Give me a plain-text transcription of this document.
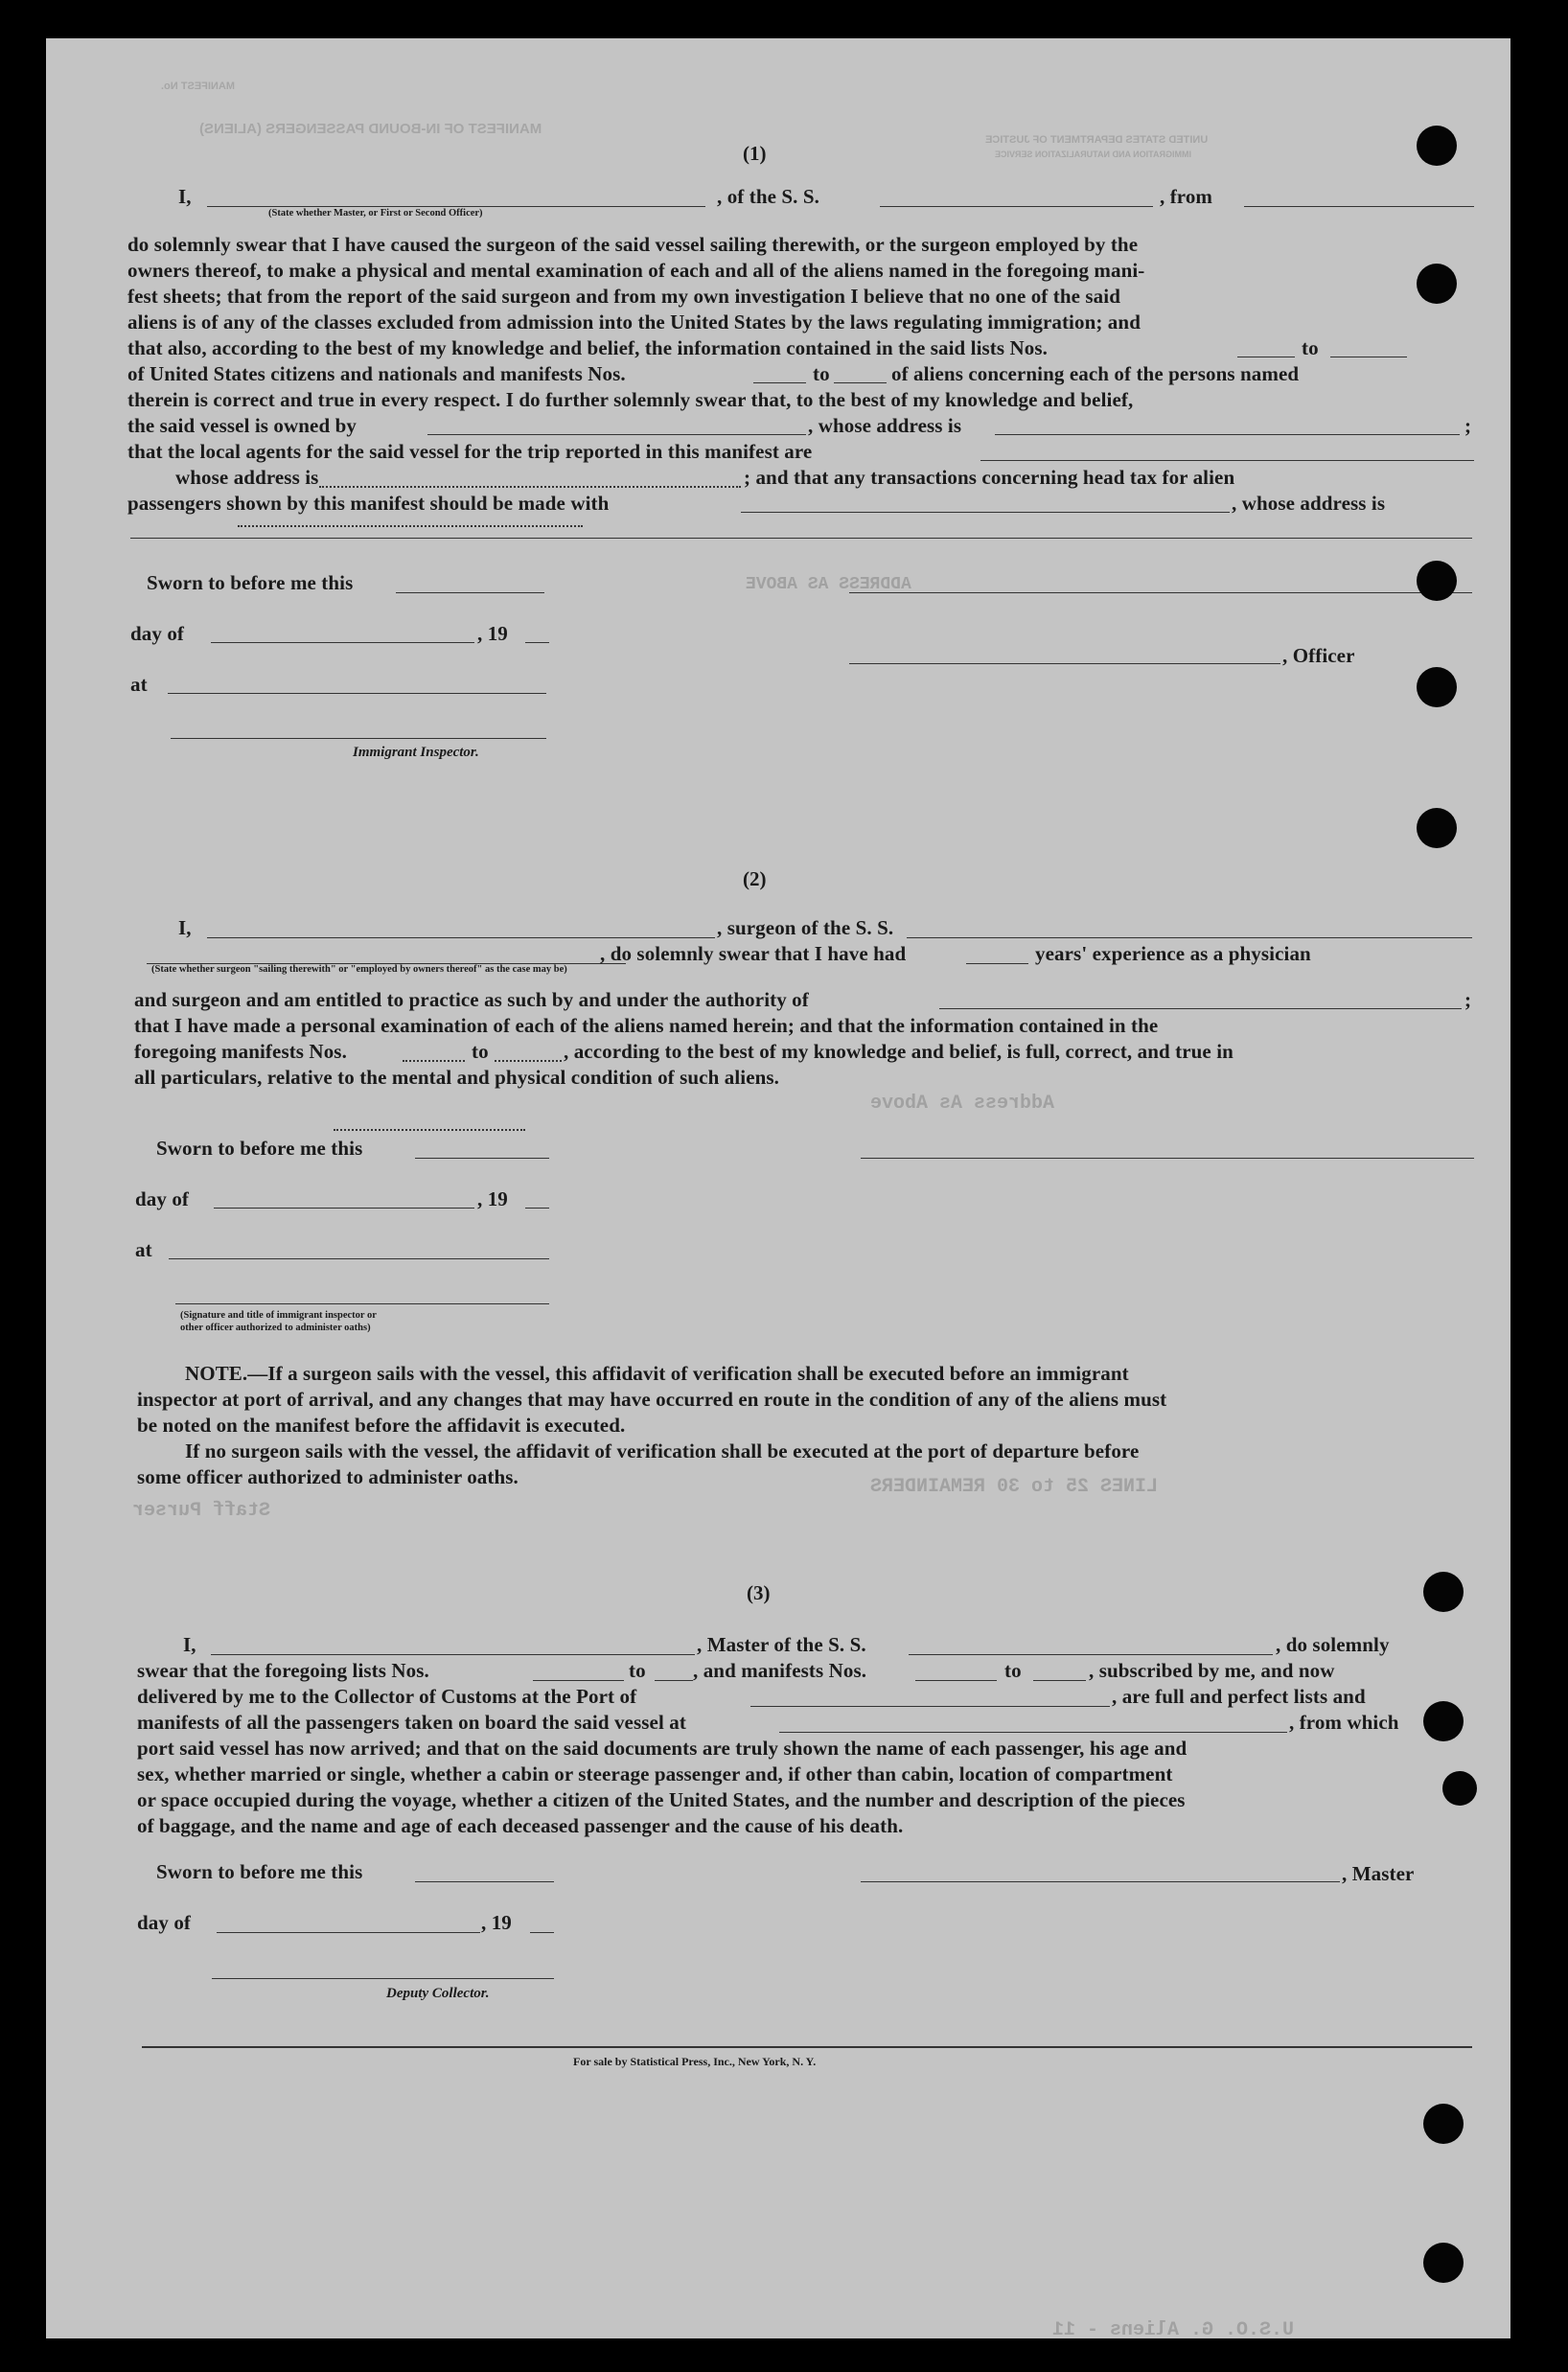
MANIFEST No.
MANIFEST OF IN-BOUND PASSENGERS (ALIENS)
UNITED STATES DEPARTMENT OF JUSTICE
IMMIGRATION AND NATURALIZATION SERVICE
(1)
I,	, of the S. S.	, from
(State whether Master, or First or Second Officer)
do solemnly swear that I have caused the surgeon of the said vessel sailing therewith, or the surgeon employed by the
owners thereof, to make a physical and mental examination of each and all of the aliens named in the foregoing mani-
fest sheets; that from the report of the said surgeon and from my own investigation I believe that no one of the said
aliens is of any of the classes excluded from admission into the United States by the laws regulating immigration; and
that also, according to the best of my knowledge and belief, the information contained in the said lists Nos.	to
of United States citizens and nationals and manifests Nos.	to	of aliens concerning each of the persons named
therein is correct and true in every respect. I do further solemnly swear that, to the best of my knowledge and belief,
the said vessel is owned by	, whose address is	;
that the local agents for the said vessel for the trip reported in this manifest are
whose address is	; and that any transactions concerning head tax for alien
passengers shown by this manifest should be made with	, whose address is
Sworn to before me this
day of	, 19
, Officer
at
Immigrant Inspector.
(2)
I,	, surgeon of the S. S.
, do solemnly swear that I have had	years' experience as a physician
(State whether surgeon "sailing therewith" or "employed by owners thereof" as the case may be)
and surgeon and am entitled to practice as such by and under the authority of	;
that I have made a personal examination of each of the aliens named herein; and that the information contained in the
foregoing manifests Nos.	to	, according to the best of my knowledge and belief, is full, correct, and true in
all particulars, relative to the mental and physical condition of such aliens.
Sworn to before me this
day of	, 19
at
(Signature and title of immigrant inspector or
other officer authorized to administer oaths)
NOTE.—If a surgeon sails with the vessel, this affidavit of verification shall be executed before an immigrant
inspector at port of arrival, and any changes that may have occurred en route in the condition of any of the aliens must
be noted on the manifest before the affidavit is executed.
If no surgeon sails with the vessel, the affidavit of verification shall be executed at the port of departure before
some officer authorized to administer oaths.
Address As Above
ADDRESS AS ABOVE
Staff Purser
LINES 25 to 30 REMAINDERS
U.S.O. G. Aliens - 11
(3)
I,	, Master of the S. S.	, do solemnly
swear that the foregoing lists Nos.	to , and manifests Nos.	to	, subscribed by me, and now
delivered by me to the Collector of Customs at the Port of	, are full and perfect lists and
manifests of all the passengers taken on board the said vessel at	, from which
port said vessel has now arrived; and that on the said documents are truly shown the name of each passenger, his age and
sex, whether married or single, whether a cabin or steerage passenger and, if other than cabin, location of compartment
or space occupied during the voyage, whether a citizen of the United States, and the number and description of the pieces
of baggage, and the name and age of each deceased passenger and the cause of his death.
Sworn to before me this	, Master
day of	, 19
Deputy Collector.
For sale by Statistical Press, Inc., New York, N. Y.
